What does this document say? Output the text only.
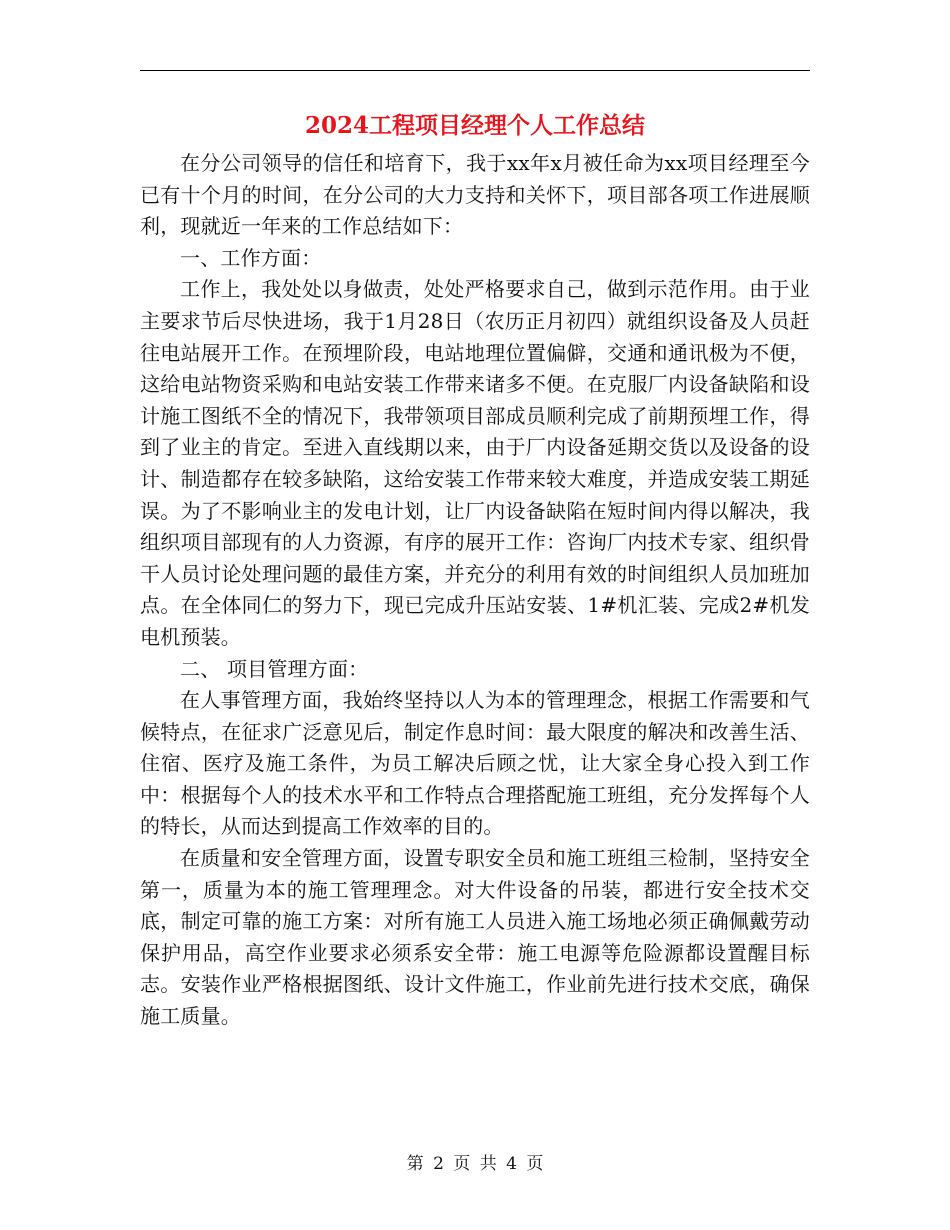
2024工程项目经理个人工作总结

在分公司领导的信任和培育下，我于xx年x月被任命为xx项目经理至今已有十个月的时间，在分公司的大力支持和关怀下，项目部各项工作进展顺利，现就近一年来的工作总结如下：

一、工作方面：

工作上，我处处以身做责，处处严格要求自己，做到示范作用。由于业主要求节后尽快进场，我于1月28日（农历正月初四）就组织设备及人员赶往电站展开工作。在预埋阶段，电站地理位置偏僻，交通和通讯极为不便，这给电站物资采购和电站安装工作带来诸多不便。在克服厂内设备缺陷和设计施工图纸不全的情况下，我带领项目部成员顺利完成了前期预埋工作，得到了业主的肯定。至进入直线期以来，由于厂内设备延期交货以及设备的设计、制造都存在较多缺陷，这给安装工作带来较大难度，并造成安装工期延误。为了不影响业主的发电计划，让厂内设备缺陷在短时间内得以解决，我组织项目部现有的人力资源，有序的展开工作：咨询厂内技术专家、组织骨干人员讨论处理问题的最佳方案，并充分的利用有效的时间组织人员加班加点。在全体同仁的努力下，现已完成升压站安装、1#机汇装、完成2#机发电机预装。

二、 项目管理方面：

在人事管理方面，我始终坚持以人为本的管理理念，根据工作需要和气候特点，在征求广泛意见后，制定作息时间：最大限度的解决和改善生活、住宿、医疗及施工条件，为员工解决后顾之忧，让大家全身心投入到工作中：根据每个人的技术水平和工作特点合理搭配施工班组，充分发挥每个人的特长，从而达到提高工作效率的目的。

在质量和安全管理方面，设置专职安全员和施工班组三检制，坚持安全第一，质量为本的施工管理理念。对大件设备的吊装，都进行安全技术交底，制定可靠的施工方案：对所有施工人员进入施工场地必须正确佩戴劳动保护用品，高空作业要求必须系安全带：施工电源等危险源都设置醒目标志。安装作业严格根据图纸、设计文件施工，作业前先进行技术交底，确保施工质量。

第 2 页 共 4 页
